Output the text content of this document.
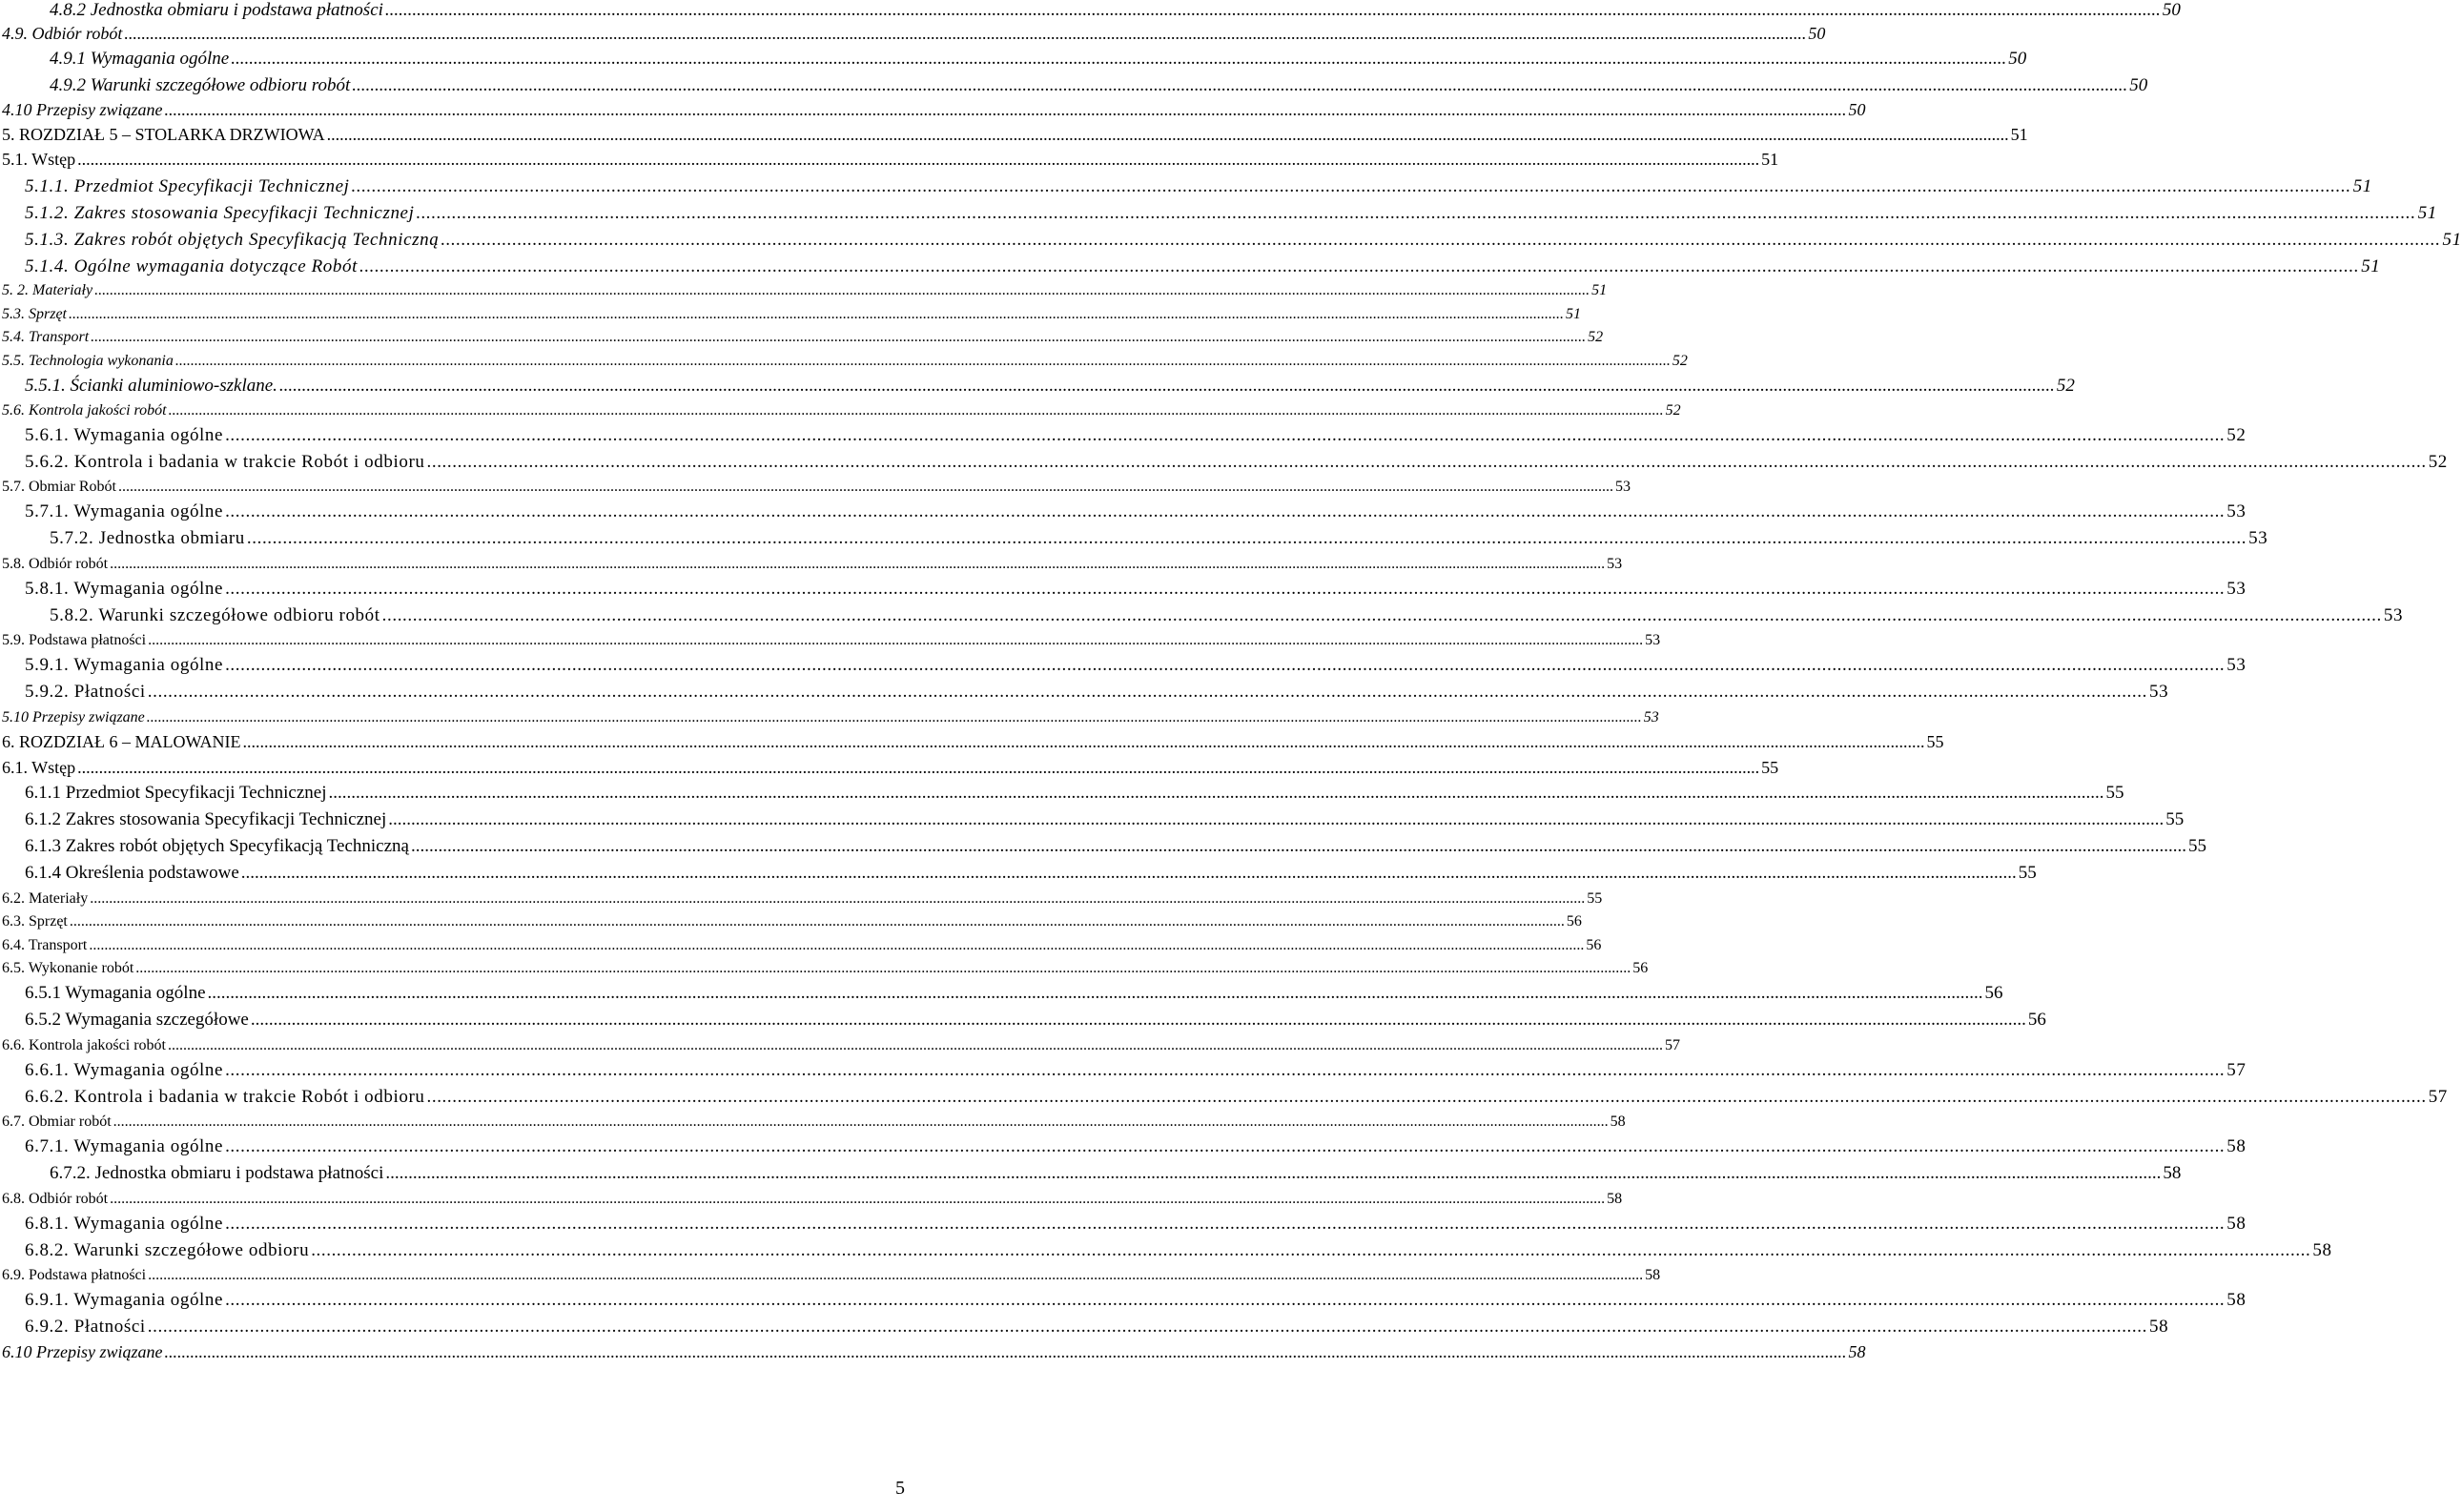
4.8.2 Jednostka obmiaru i podstawa płatności .....	50
4.9. Odbiór robót .....	50
4.9.1 Wymagania ogólne .....	50
4.9.2 Warunki szczegółowe odbioru robót .....	50
4.10 Przepisy związane .....	50
5. ROZDZIAŁ 5 – STOLARKA DRZWIOWA .....	51
5.1. Wstęp .....	51
5.1.1. Przedmiot Specyfikacji Technicznej .....	51
5.1.2. Zakres stosowania Specyfikacji Technicznej .....	51
5.1.3. Zakres robót objętych Specyfikacją Techniczną .....	51
5.1.4. Ogólne wymagania dotyczące Robót .....	51
5. 2. Materiały .....	51
5.3. Sprzęt .....	51
5.4. Transport .....	52
5.5. Technologia wykonania .....	52
5.5.1. Ścianki aluminiowo-szklane. .....	52
5.6. Kontrola jakości robót .....	52
5.6.1. Wymagania ogólne .....	52
5.6.2. Kontrola i badania w trakcie Robót i odbioru .....	52
5.7. Obmiar Robót .....	53
5.7.1. Wymagania ogólne .....	53
5.7.2. Jednostka obmiaru .....	53
5.8. Odbiór robót .....	53
5.8.1. Wymagania ogólne .....	53
5.8.2. Warunki szczegółowe odbioru robót .....	53
5.9. Podstawa płatności .....	53
5.9.1. Wymagania ogólne .....	53
5.9.2. Płatności .....	53
5.10 Przepisy związane .....	53
6. ROZDZIAŁ 6 – MALOWANIE .....	55
6.1. Wstęp .....	55
6.1.1 Przedmiot Specyfikacji Technicznej .....	55
6.1.2 Zakres stosowania Specyfikacji Technicznej .....	55
6.1.3 Zakres robót objętych Specyfikacją Techniczną .....	55
6.1.4 Określenia podstawowe .....	55
6.2. Materiały .....	55
6.3. Sprzęt .....	56
6.4. Transport .....	56
6.5. Wykonanie robót .....	56
6.5.1 Wymagania ogólne .....	56
6.5.2 Wymagania szczegółowe .....	56
6.6. Kontrola jakości robót .....	57
6.6.1. Wymagania ogólne .....	57
6.6.2. Kontrola i badania w trakcie Robót i odbioru .....	57
6.7. Obmiar robót .....	58
6.7.1. Wymagania ogólne .....	58
6.7.2. Jednostka obmiaru i podstawa płatności .....	58
6.8. Odbiór robót .....	58
6.8.1. Wymagania ogólne .....	58
6.8.2. Warunki szczegółowe odbioru .....	58
6.9. Podstawa płatności .....	58
6.9.1. Wymagania ogólne .....	58
6.9.2. Płatności .....	58
6.10 Przepisy związane .....	58
5
